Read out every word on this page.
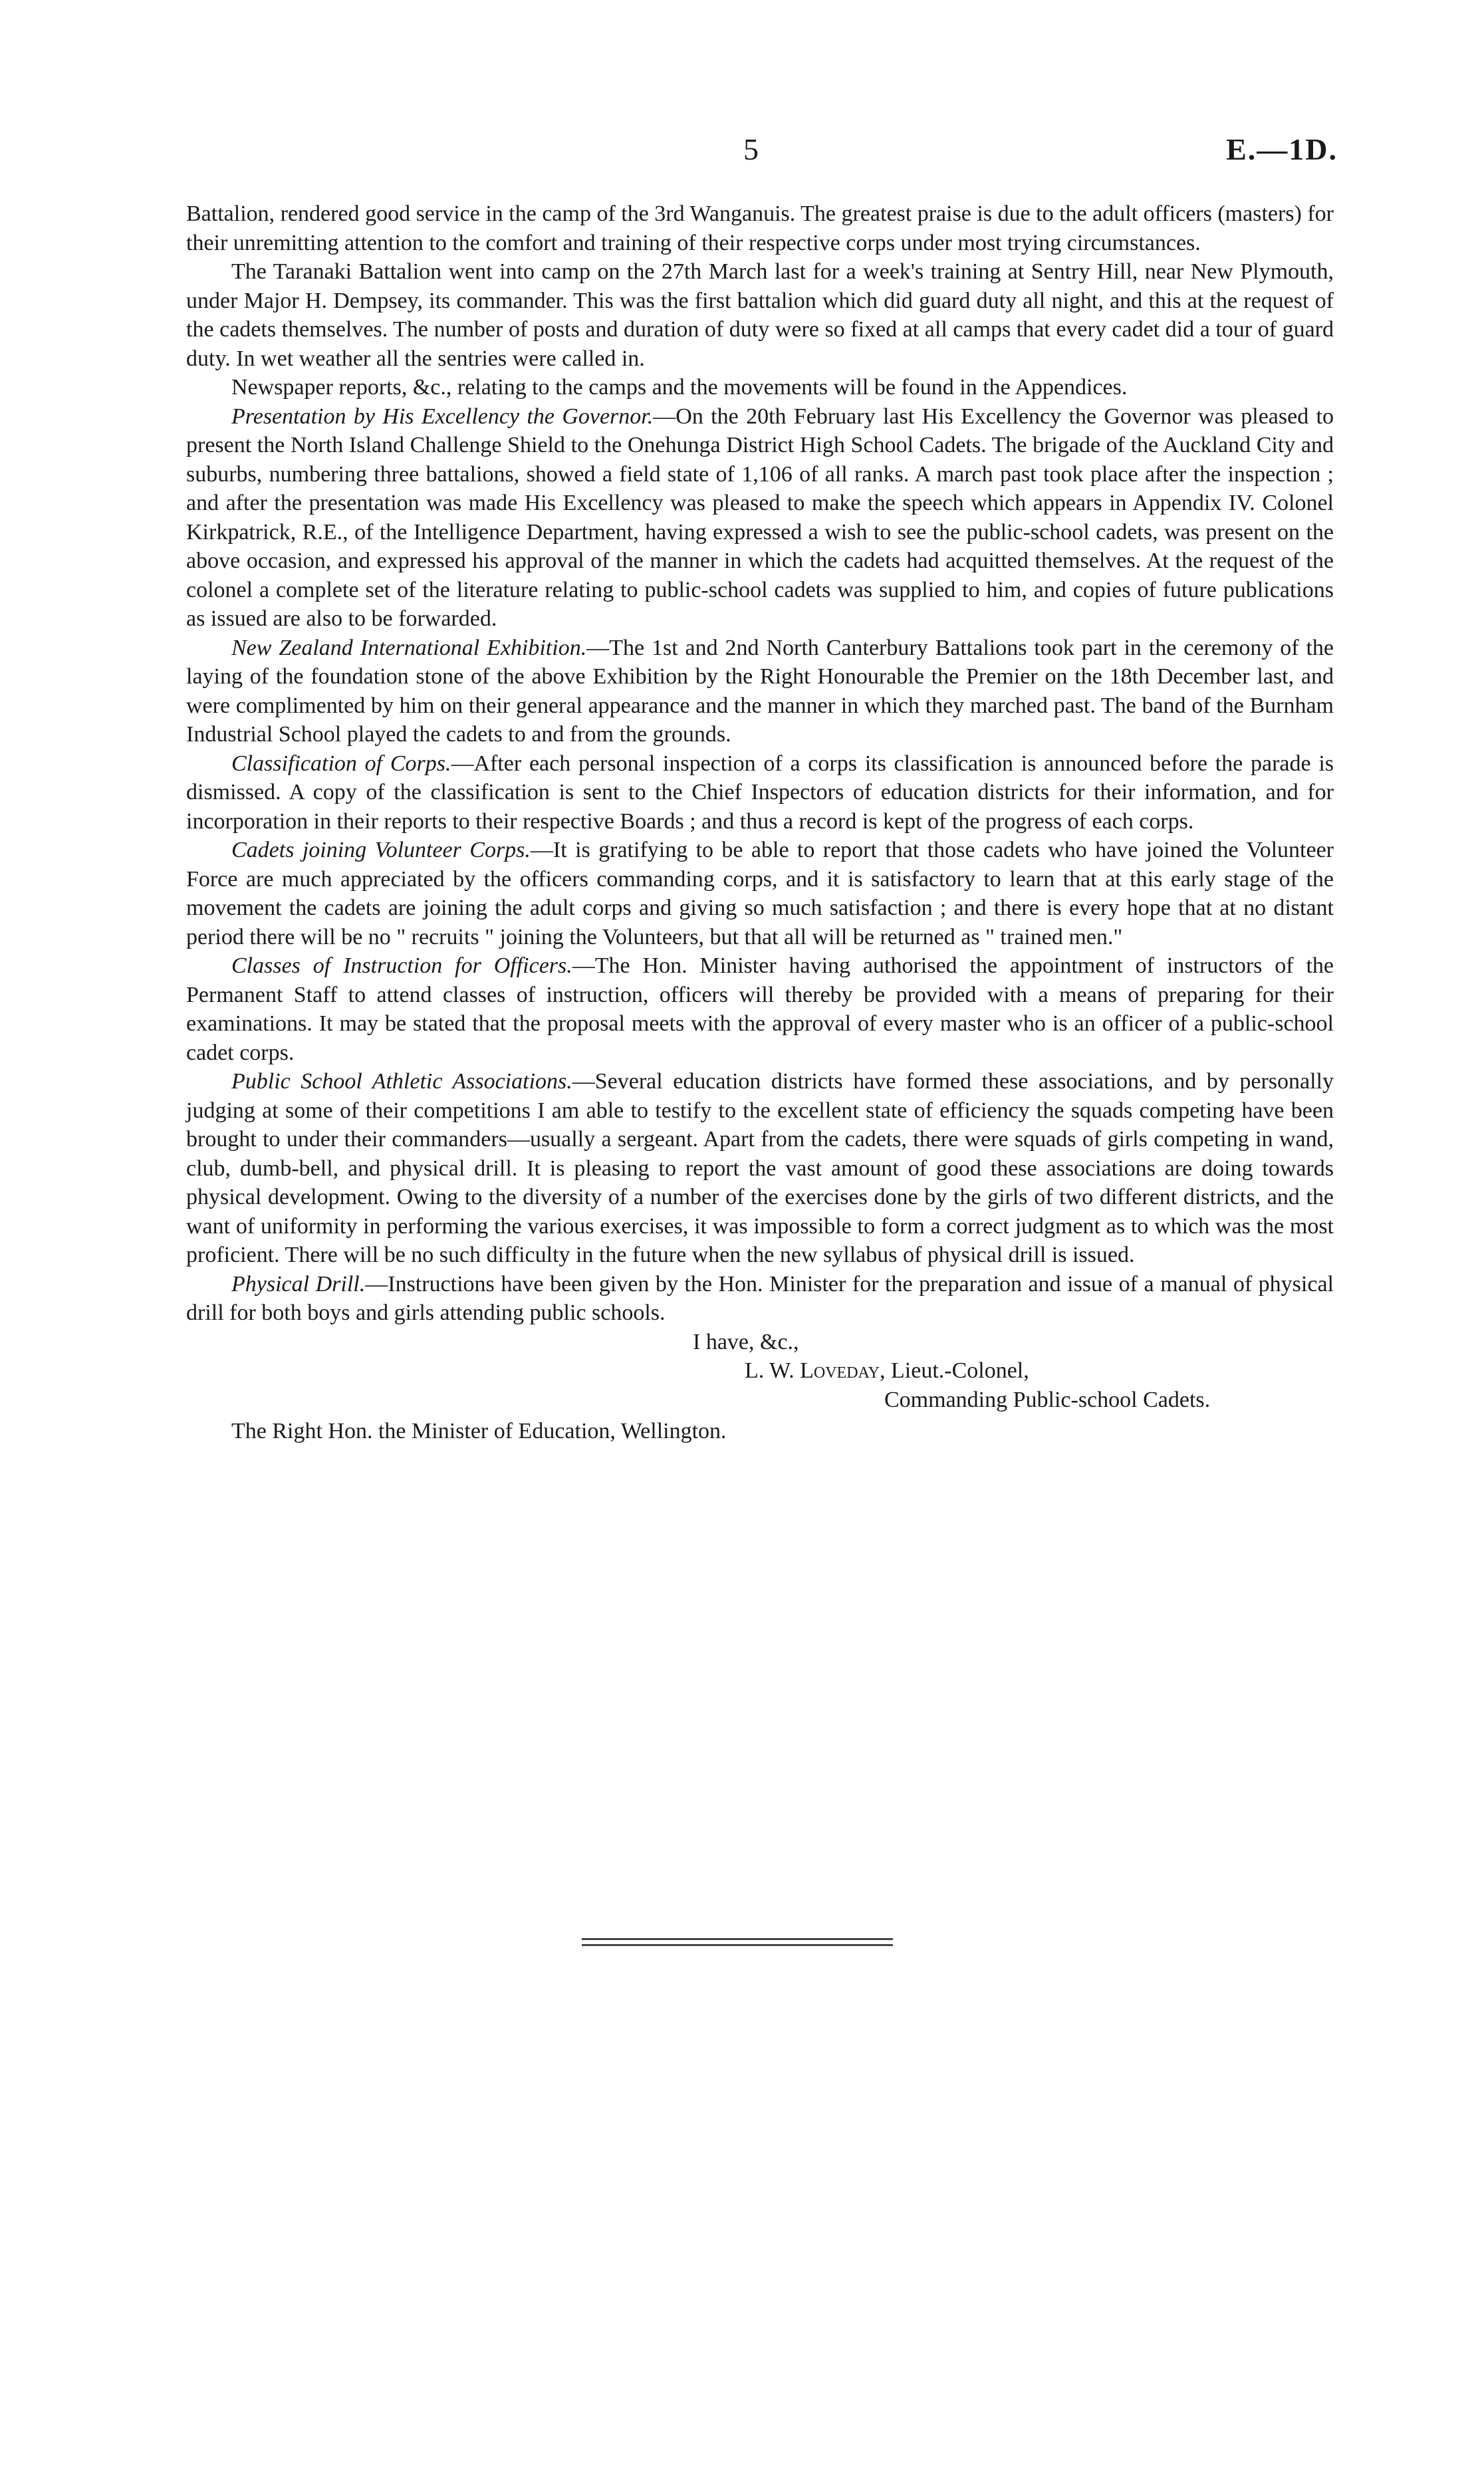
5	E.—1D.

Battalion, rendered good service in the camp of the 3rd Wanganuis. The greatest praise is due to the adult officers (masters) for their unremitting attention to the comfort and training of their respective corps under most trying circumstances.

The Taranaki Battalion went into camp on the 27th March last for a week's training at Sentry Hill, near New Plymouth, under Major H. Dempsey, its commander. This was the first battalion which did guard duty all night, and this at the request of the cadets themselves. The number of posts and duration of duty were so fixed at all camps that every cadet did a tour of guard duty. In wet weather all the sentries were called in.

Newspaper reports, &c., relating to the camps and the movements will be found in the Appendices.

Presentation by His Excellency the Governor.—On the 20th February last His Excellency the Governor was pleased to present the North Island Challenge Shield to the Onehunga District High School Cadets. The brigade of the Auckland City and suburbs, numbering three battalions, showed a field state of 1,106 of all ranks. A march past took place after the inspection ; and after the presentation was made His Excellency was pleased to make the speech which appears in Appendix IV. Colonel Kirkpatrick, R.E., of the Intelligence Department, having expressed a wish to see the public-school cadets, was present on the above occasion, and expressed his approval of the manner in which the cadets had acquitted themselves. At the request of the colonel a complete set of the literature relating to public-school cadets was supplied to him, and copies of future publications as issued are also to be forwarded.

New Zealand International Exhibition.—The 1st and 2nd North Canterbury Battalions took part in the ceremony of the laying of the foundation stone of the above Exhibition by the Right Honourable the Premier on the 18th December last, and were complimented by him on their general appearance and the manner in which they marched past. The band of the Burnham Industrial School played the cadets to and from the grounds.

Classification of Corps.—After each personal inspection of a corps its classification is announced before the parade is dismissed. A copy of the classification is sent to the Chief Inspectors of education districts for their information, and for incorporation in their reports to their respective Boards ; and thus a record is kept of the progress of each corps.

Cadets joining Volunteer Corps.—It is gratifying to be able to report that those cadets who have joined the Volunteer Force are much appreciated by the officers commanding corps, and it is satisfactory to learn that at this early stage of the movement the cadets are joining the adult corps and giving so much satisfaction ; and there is every hope that at no distant period there will be no " recruits " joining the Volunteers, but that all will be returned as " trained men."

Classes of Instruction for Officers.—The Hon. Minister having authorised the appointment of instructors of the Permanent Staff to attend classes of instruction, officers will thereby be provided with a means of preparing for their examinations. It may be stated that the proposal meets with the approval of every master who is an officer of a public-school cadet corps.

Public School Athletic Associations.—Several education districts have formed these associations, and by personally judging at some of their competitions I am able to testify to the excellent state of efficiency the squads competing have been brought to under their commanders—usually a sergeant. Apart from the cadets, there were squads of girls competing in wand, club, dumb-bell, and physical drill. It is pleasing to report the vast amount of good these associations are doing towards physical development. Owing to the diversity of a number of the exercises done by the girls of two different districts, and the want of uniformity in performing the various exercises, it was impossible to form a correct judgment as to which was the most proficient. There will be no such difficulty in the future when the new syllabus of physical drill is issued.

Physical Drill.—Instructions have been given by the Hon. Minister for the preparation and issue of a manual of physical drill for both boys and girls attending public schools.

I have, &c.,
L. W. Loveday, Lieut.-Colonel,
Commanding Public-school Cadets.
The Right Hon. the Minister of Education, Wellington.
